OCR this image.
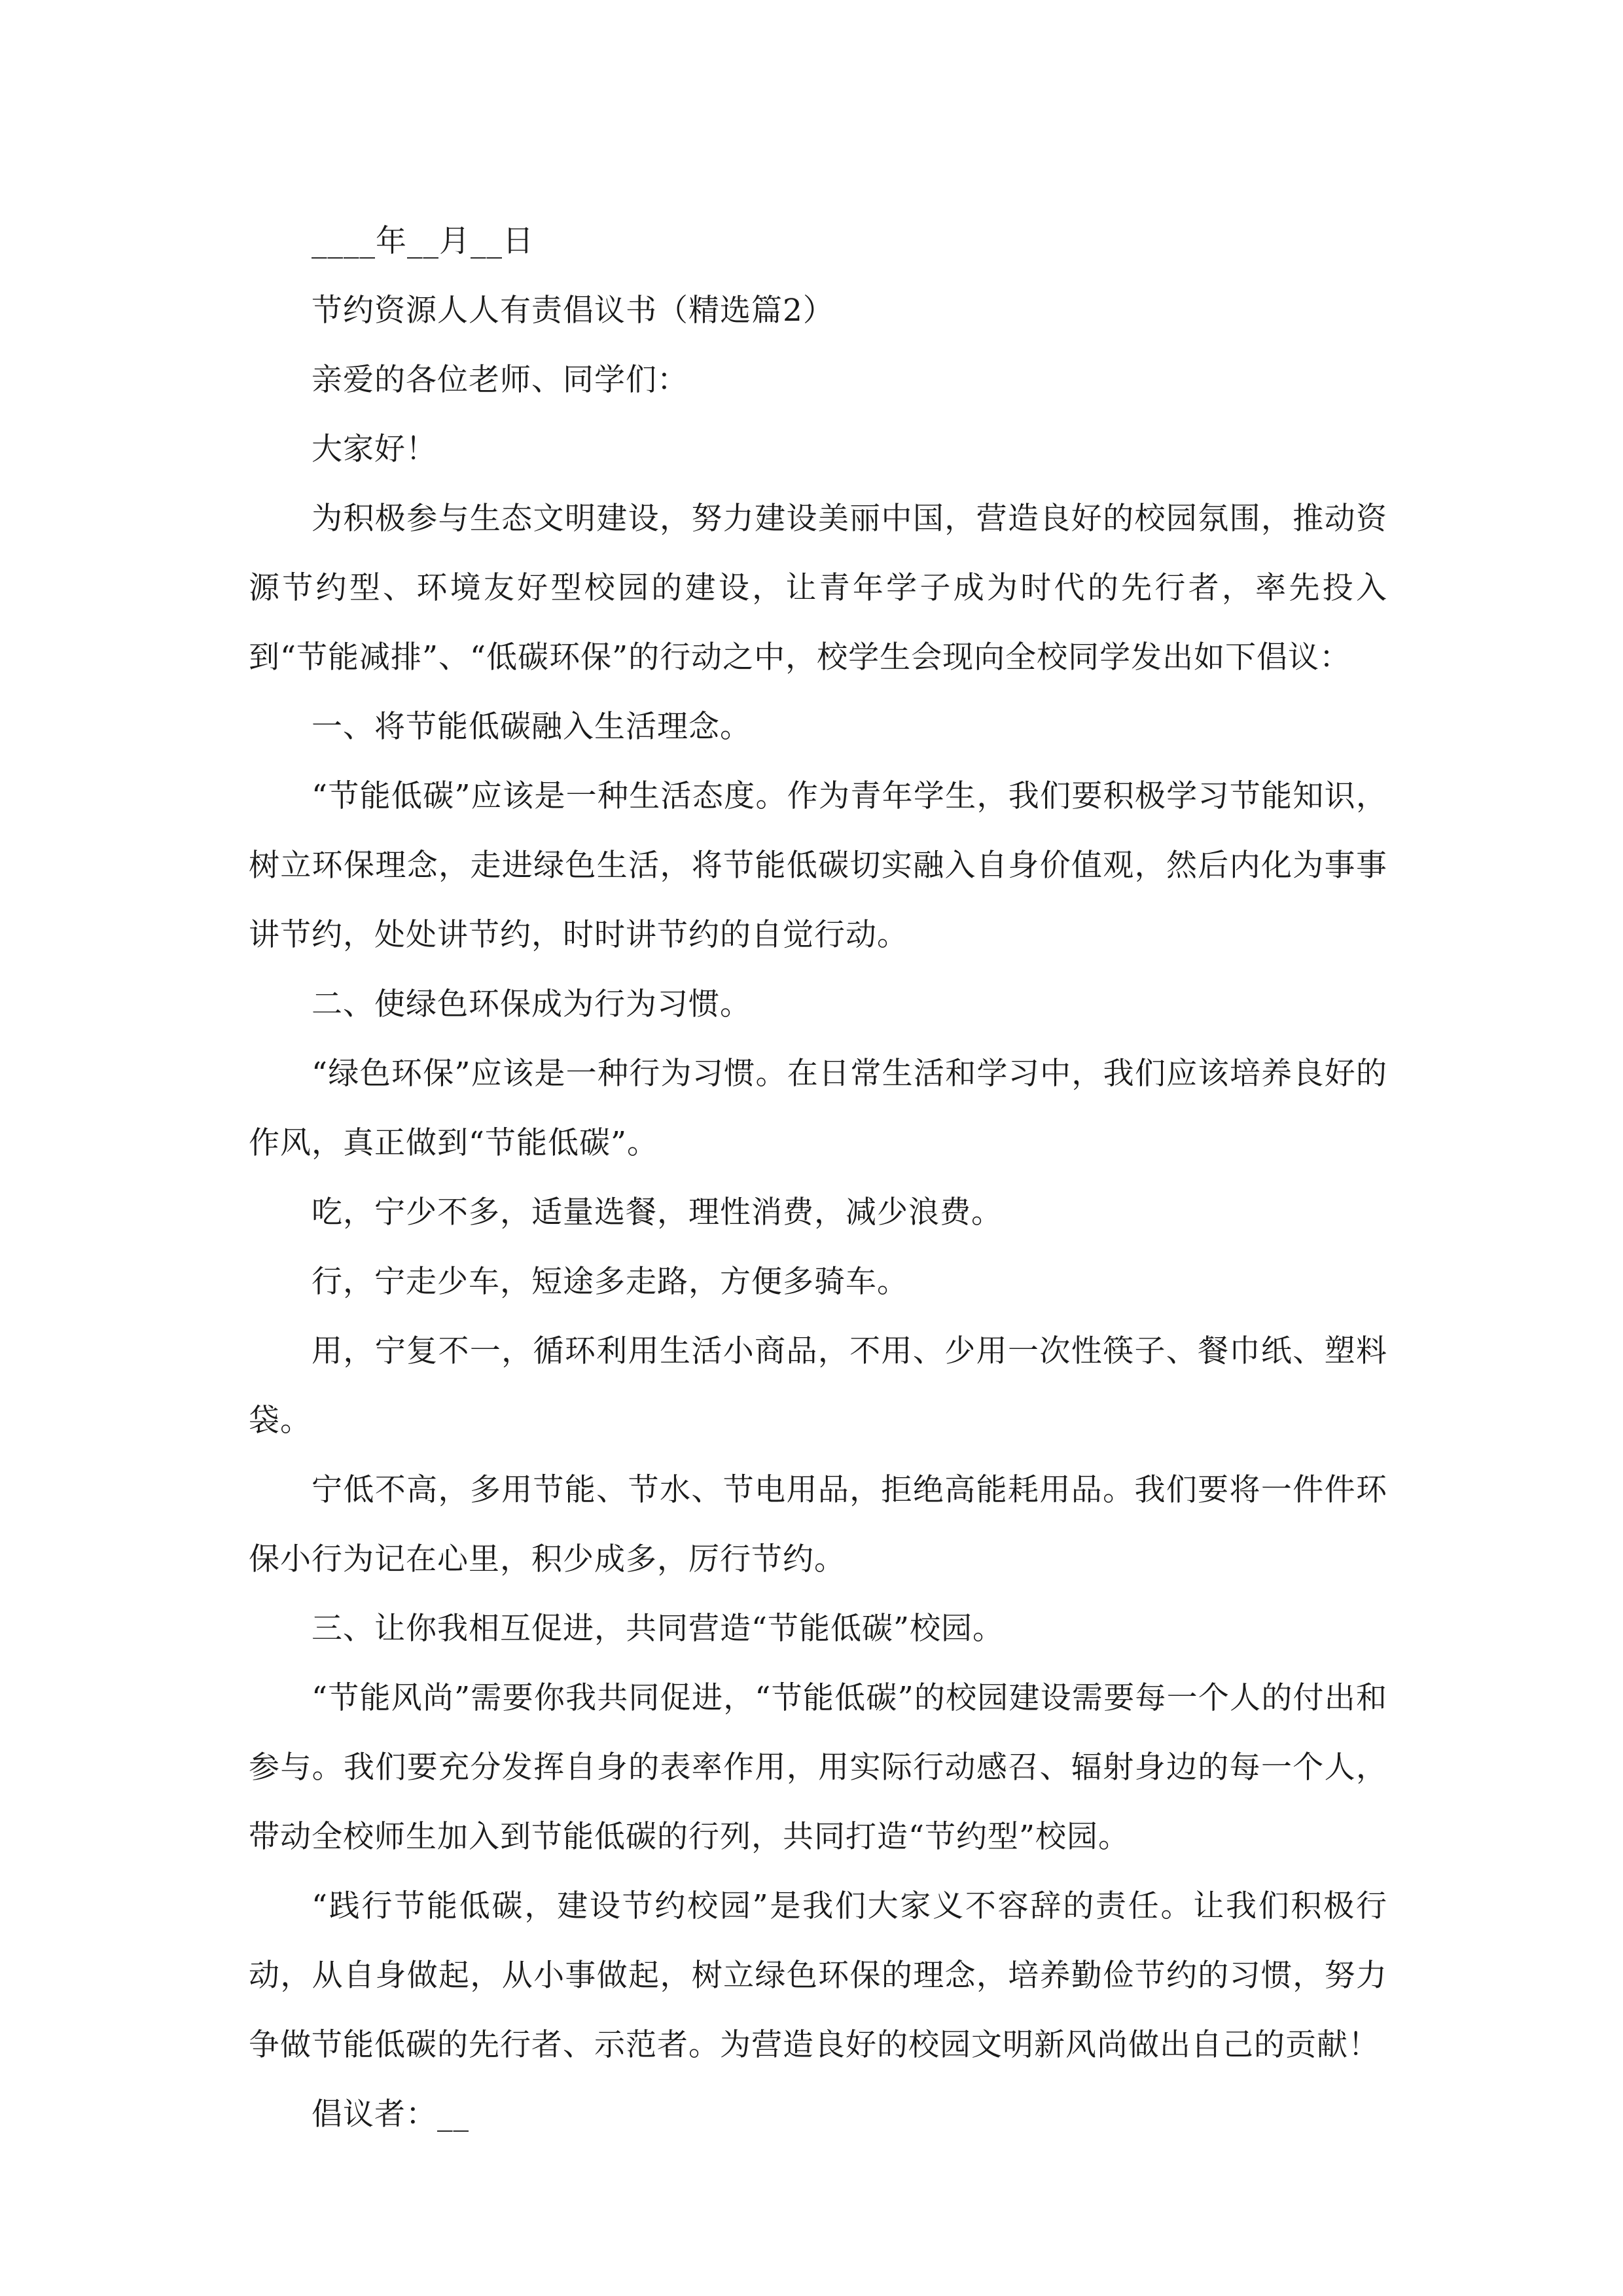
____年__月__日

节约资源人人有责倡议书（精选篇2）

亲爱的各位老师、同学们：

大家好！

为积极参与生态文明建设，努力建设美丽中国，营造良好的校园氛围，推动资源节约型、环境友好型校园的建设，让青年学子成为时代的先行者，率先投入到“节能减排”、“低碳环保”的行动之中，校学生会现向全校同学发出如下倡议：

一、将节能低碳融入生活理念。

“节能低碳”应该是一种生活态度。作为青年学生，我们要积极学习节能知识，树立环保理念，走进绿色生活，将节能低碳切实融入自身价值观，然后内化为事事讲节约，处处讲节约，时时讲节约的自觉行动。

二、使绿色环保成为行为习惯。

“绿色环保”应该是一种行为习惯。在日常生活和学习中，我们应该培养良好的作风，真正做到“节能低碳”。

吃，宁少不多，适量选餐，理性消费，减少浪费。

行，宁走少车，短途多走路，方便多骑车。

用，宁复不一，循环利用生活小商品，不用、少用一次性筷子、餐巾纸、塑料袋。

宁低不高，多用节能、节水、节电用品，拒绝高能耗用品。我们要将一件件环保小行为记在心里，积少成多，厉行节约。

三、让你我相互促进，共同营造“节能低碳”校园。

“节能风尚”需要你我共同促进，“节能低碳”的校园建设需要每一个人的付出和参与。我们要充分发挥自身的表率作用，用实际行动感召、辐射身边的每一个人，带动全校师生加入到节能低碳的行列，共同打造“节约型”校园。

“践行节能低碳，建设节约校园”是我们大家义不容辞的责任。让我们积极行动，从自身做起，从小事做起，树立绿色环保的理念，培养勤俭节约的习惯，努力争做节能低碳的先行者、示范者。为营造良好的校园文明新风尚做出自己的贡献！

倡议者：__
